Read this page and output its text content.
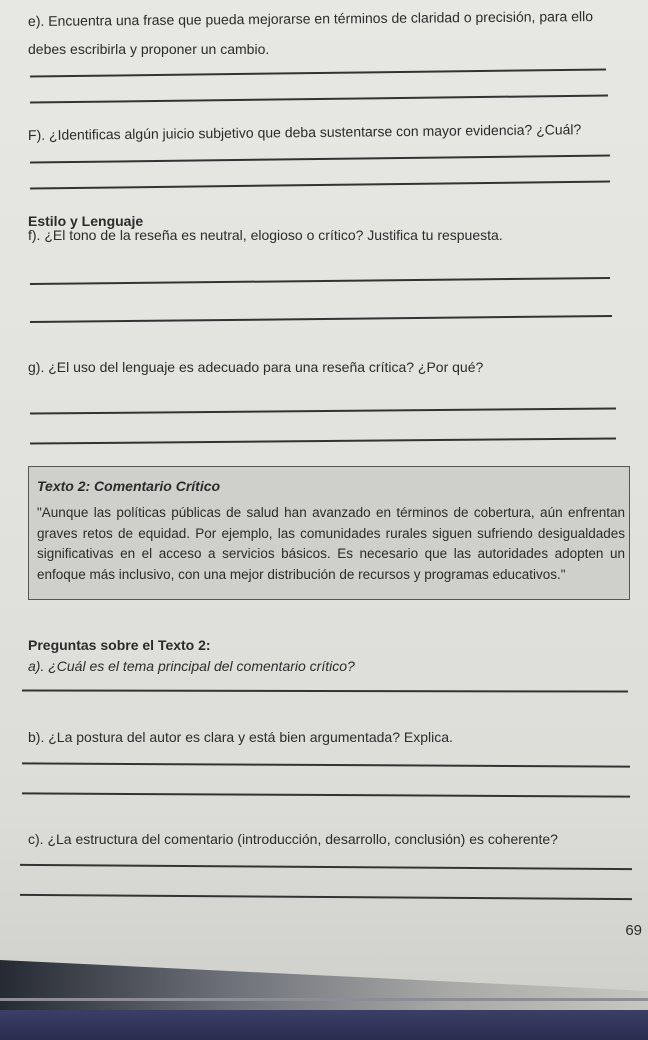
e). Encuentra una frase que pueda mejorarse en términos de claridad o precisión, para ello
debes escribirla y proponer un cambio.
F). ¿Identificas algún juicio subjetivo que deba sustentarse con mayor evidencia? ¿Cuál?
Estilo y Lenguaje
f). ¿El tono de la reseña es neutral, elogioso o crítico? Justifica tu respuesta.
g). ¿El uso del lenguaje es adecuado para una reseña crítica? ¿Por qué?
Texto 2: Comentario Crítico
"Aunque las políticas públicas de salud han avanzado en términos de cobertura, aún enfrentan graves retos de equidad. Por ejemplo, las comunidades rurales siguen sufriendo desigualdades significativas en el acceso a servicios básicos. Es necesario que las autoridades adopten un enfoque más inclusivo, con una mejor distribución de recursos y programas educativos."
Preguntas sobre el Texto 2:
a). ¿Cuál es el tema principal del comentario crítico?
b). ¿La postura del autor es clara y está bien argumentada? Explica.
c). ¿La estructura del comentario (introducción, desarrollo, conclusión) es coherente?
69
